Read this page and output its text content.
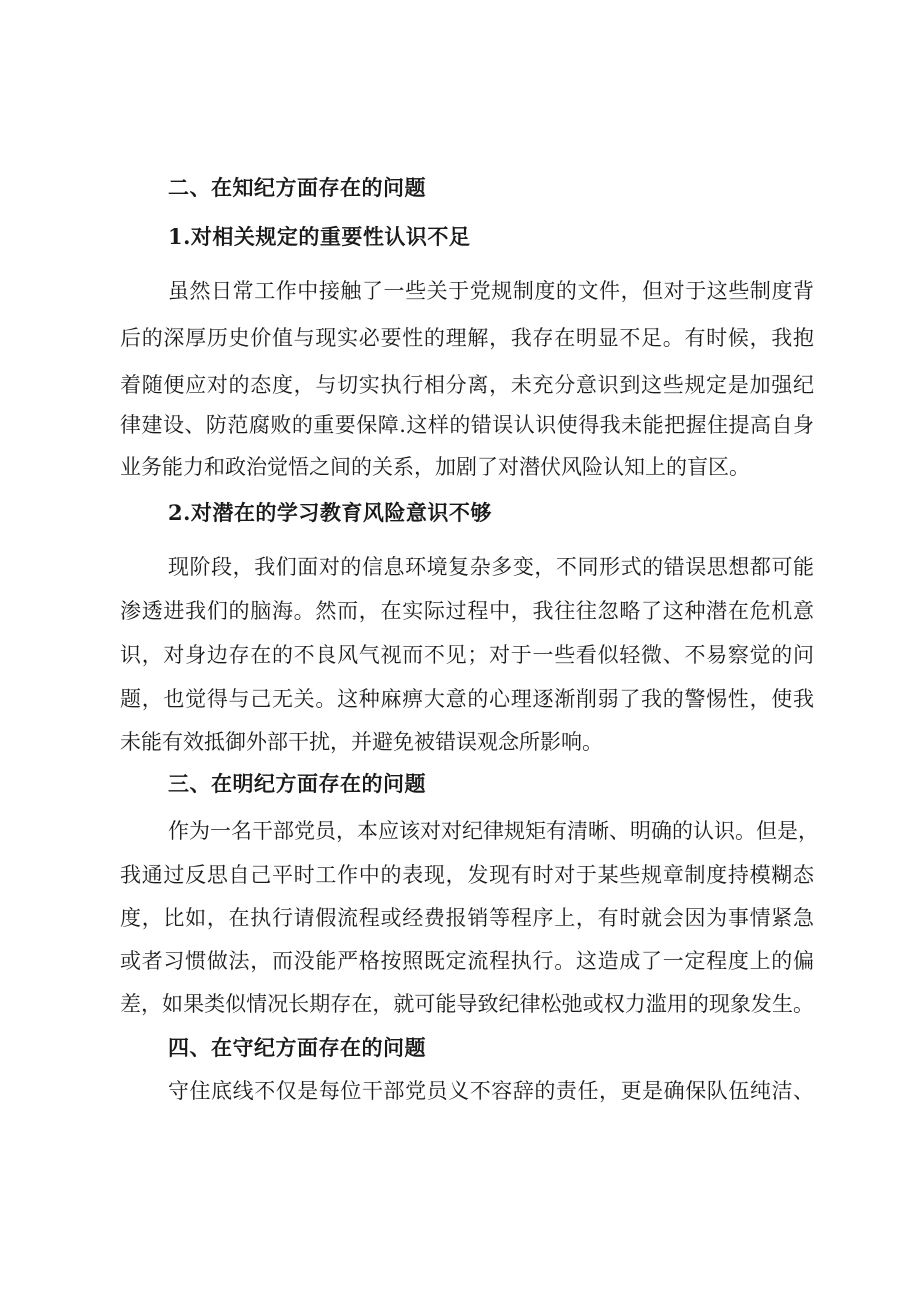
二、在知纪方面存在的问题
1.对相关规定的重要性认识不足
虽然日常工作中接触了一些关于党规制度的文件，但对于这些制度背
后的深厚历史价值与现实必要性的理解，我存在明显不足。有时候，我抱
着随便应对的态度，与切实执行相分离，未充分意识到这些规定是加强纪
律建设、防范腐败的重要保障.这样的错误认识使得我未能把握住提高自身
业务能力和政治觉悟之间的关系，加剧了对潜伏风险认知上的盲区。
2.对潜在的学习教育风险意识不够
现阶段，我们面对的信息环境复杂多变，不同形式的错误思想都可能
渗透进我们的脑海。然而，在实际过程中，我往往忽略了这种潜在危机意
识，对身边存在的不良风气视而不见；对于一些看似轻微、不易察觉的问
题，也觉得与己无关。这种麻痹大意的心理逐渐削弱了我的警惕性，使我
未能有效抵御外部干扰，并避免被错误观念所影响。
三、在明纪方面存在的问题
作为一名干部党员，本应该对对纪律规矩有清晰、明确的认识。但是，
我通过反思自己平时工作中的表现，发现有时对于某些规章制度持模糊态
度，比如，在执行请假流程或经费报销等程序上，有时就会因为事情紧急
或者习惯做法，而没能严格按照既定流程执行。这造成了一定程度上的偏
差，如果类似情况长期存在，就可能导致纪律松弛或权力滥用的现象发生。
四、在守纪方面存在的问题
守住底线不仅是每位干部党员义不容辞的责任，更是确保队伍纯洁、
